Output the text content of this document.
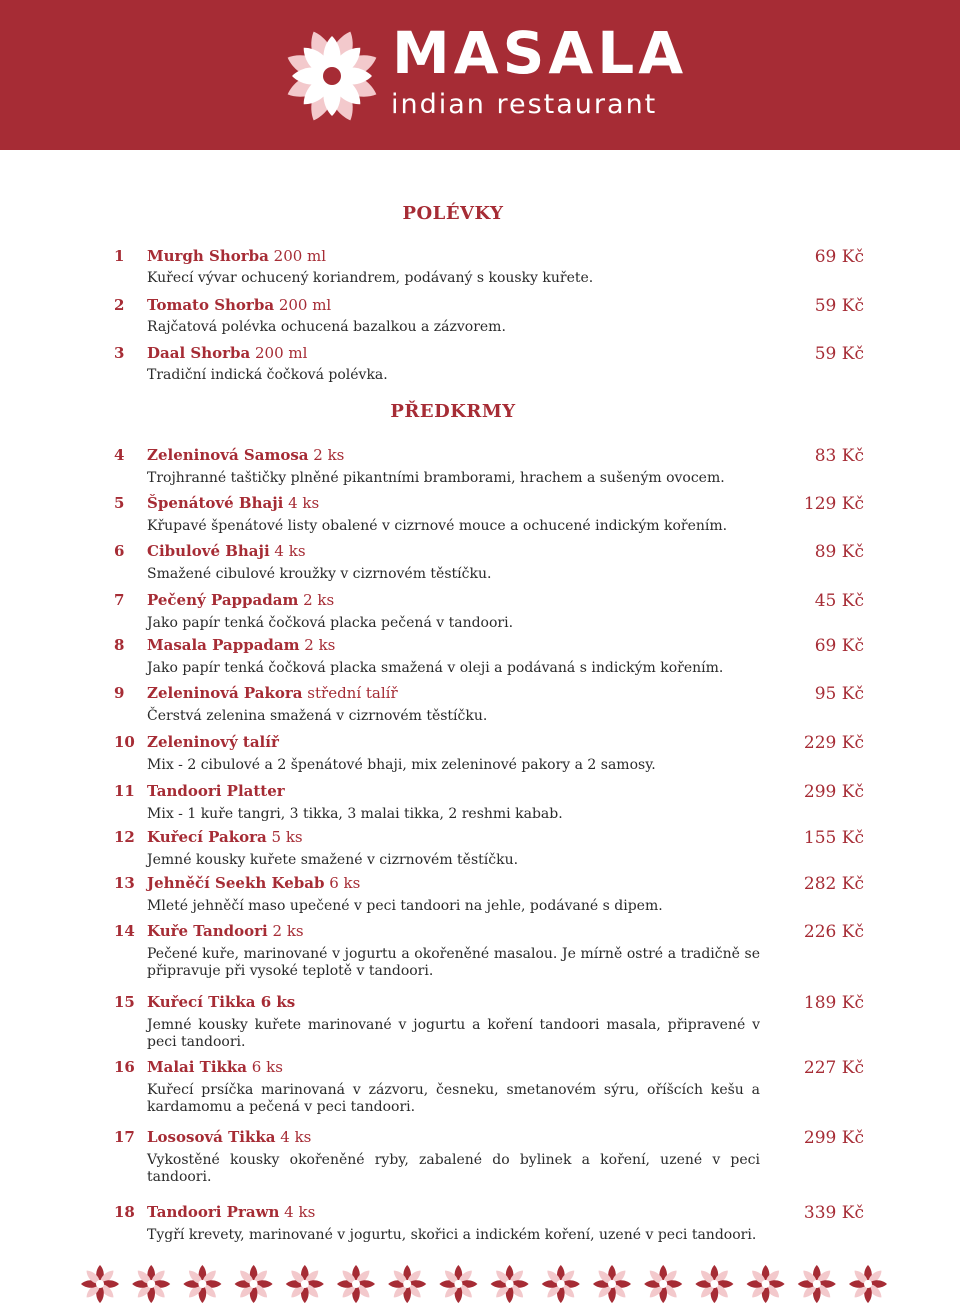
MASALA
indian restaurant
POLÉVKY
PŘEDKRMY
1 Murgh Shorba 200 ml	69 Kč
Kuřecí vývar ochucený koriandrem, podávaný s kousky kuřete.
2 Tomato Shorba 200 ml	59 Kč
Rajčatová polévka ochucená bazalkou a zázvorem.
3 Daal Shorba 200 ml	59 Kč
Tradiční indická čočková polévka.
4 Zeleninová Samosa 2 ks	83 Kč
Trojhranné taštičky plněné pikantními bramborami, hrachem a sušeným ovocem.
5 Špenátové Bhaji 4 ks	129 Kč
Křupavé špenátové listy obalené v cizrnové mouce a ochucené indickým kořením.
6 Cibulové Bhaji 4 ks	89 Kč
Smažené cibulové kroužky v cizrnovém těstíčku.
7 Pečený Pappadam 2 ks	45 Kč
Jako papír tenká čočková placka pečená v tandoori.
8 Masala Pappadam 2 ks	69 Kč
Jako papír tenká čočková placka smažená v oleji a podávaná s indickým kořením.
9 Zeleninová Pakora střední talíř	95 Kč
Čerstvá zelenina smažená v cizrnovém těstíčku.
10 Zeleninový talíř	229 Kč
Mix - 2 cibulové a 2 špenátové bhaji, mix zeleninové pakory a 2 samosy.
11 Tandoori Platter	299 Kč
Mix - 1 kuře tangri, 3 tikka, 3 malai tikka, 2 reshmi kabab.
12 Kuřecí Pakora 5 ks	155 Kč
Jemné kousky kuřete smažené v cizrnovém těstíčku.
13 Jehněčí Seekh Kebab 6 ks	282 Kč
Mleté jehněčí maso upečené v peci tandoori na jehle, podávané s dipem.
14 Kuře Tandoori 2 ks	226 Kč
Pečené kuře, marinované v jogurtu a okořeněné masalou. Je mírně ostré a tradičně se připravuje při vysoké teplotě v tandoori.
15 Kuřecí Tikka 6 ks	189 Kč
Jemné kousky kuřete marinované v jogurtu a koření tandoori masala, připravené v peci tandoori.
16 Malai Tikka 6 ks	227 Kč
Kuřecí prsíčka marinovaná v zázvoru, česneku, smetanovém sýru, oříšcích kešu a kardamomu a pečená v peci tandoori.
17 Lososová Tikka 4 ks	299 Kč
Vykostěné kousky okořeněné ryby, zabalené do bylinek a koření, uzené v peci tandoori.
18 Tandoori Prawn 4 ks	339 Kč
Tygří krevety, marinované v jogurtu, skořici a indickém koření, uzené v peci tandoori.
